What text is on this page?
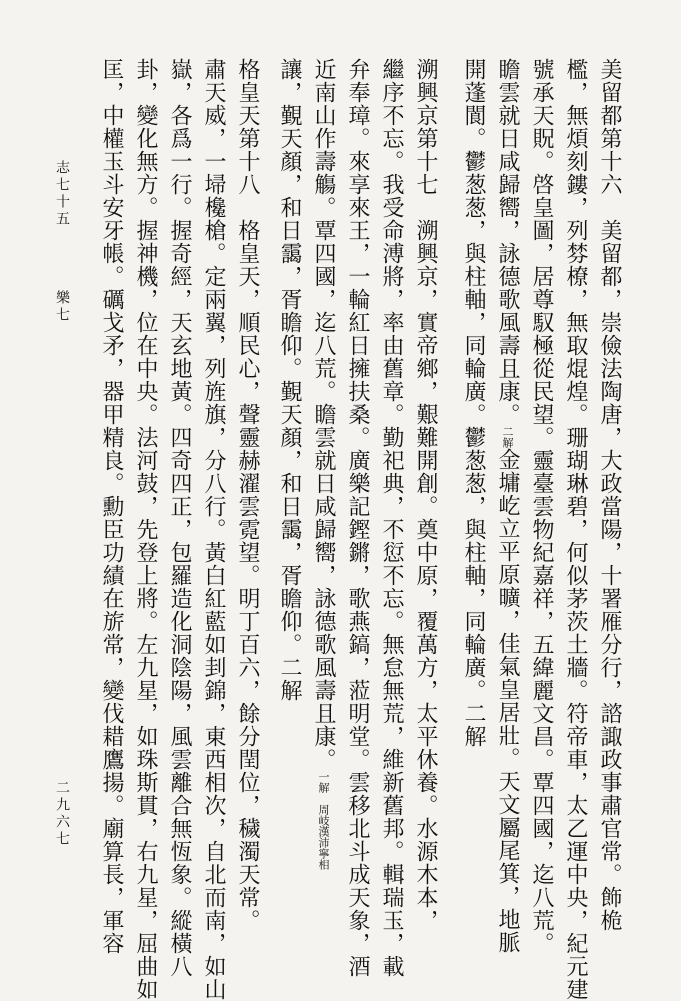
美留都第十六　美留都，崇儉法陶唐，大政當陽，十署雁分行，諮諏政事肅官常。飾桅
檻，無煩刻鏤，列棼橑，無取焜煌。珊瑚琳碧，何似茅茨土牆。符帝車，太乙運中央，紀元建
號承天貺。啓皇圖，居尊馭極從民望。靈臺雲物紀嘉祥，五緯麗文昌。覃四國，迄八荒。
瞻雲就日咸歸嚮，詠德歌風壽且康。二解金墉屹立平原曠，佳氣皇居壯。天文屬尾箕，地脈
開蓬閬。鬱葱葱，與柱軸，同輪廣。鬱葱葱，與柱軸，同輪廣。二解
溯興京第十七　溯興京，實帝鄉，艱難開創。奠中原，覆萬方，太平休養。水源木本，
繼序不忘。我受命溥將，率由舊章。勤祀典，不愆不忘。無怠無荒，維新舊邦。輯瑞玉，載
弁奉璋。來享來王，一輪紅日擁扶桑。廣樂記鏗鏘，歌燕鎬，蒞明堂。雲移北斗成天象，酒
近南山作壽觴。覃四國，迄八荒。瞻雲就日咸歸嚮，詠德歌風壽且康。一解　周岐漢沛寧相
讓，覲天顏，和日靄，胥瞻仰。覲天顏，和日靄，胥瞻仰。二解
格皇天第十八　格皇天，順民心，聲靈赫濯雲霓望。明丁百六，餘分閏位，穢濁天常。
肅天威，一埽欃槍。定兩翼，列旌旗，分八行。黃白紅藍如刲錦，東西相次，自北而南，如山
嶽，各爲一行。握奇經，天玄地黃。四奇四正，包羅造化洞陰陽，風雲離合無恆象。縱橫八
卦，變化無方。握神機，位在中央。法河鼓，先登上將。左九星，如珠斯貫，右九星，屈曲如
匡，中權玉斗安牙帳。礪戈矛，器甲精良。勳臣功績在旂常，變伐耤鷹揚。廟算長，軍容
志七十五
樂七
二九六七
